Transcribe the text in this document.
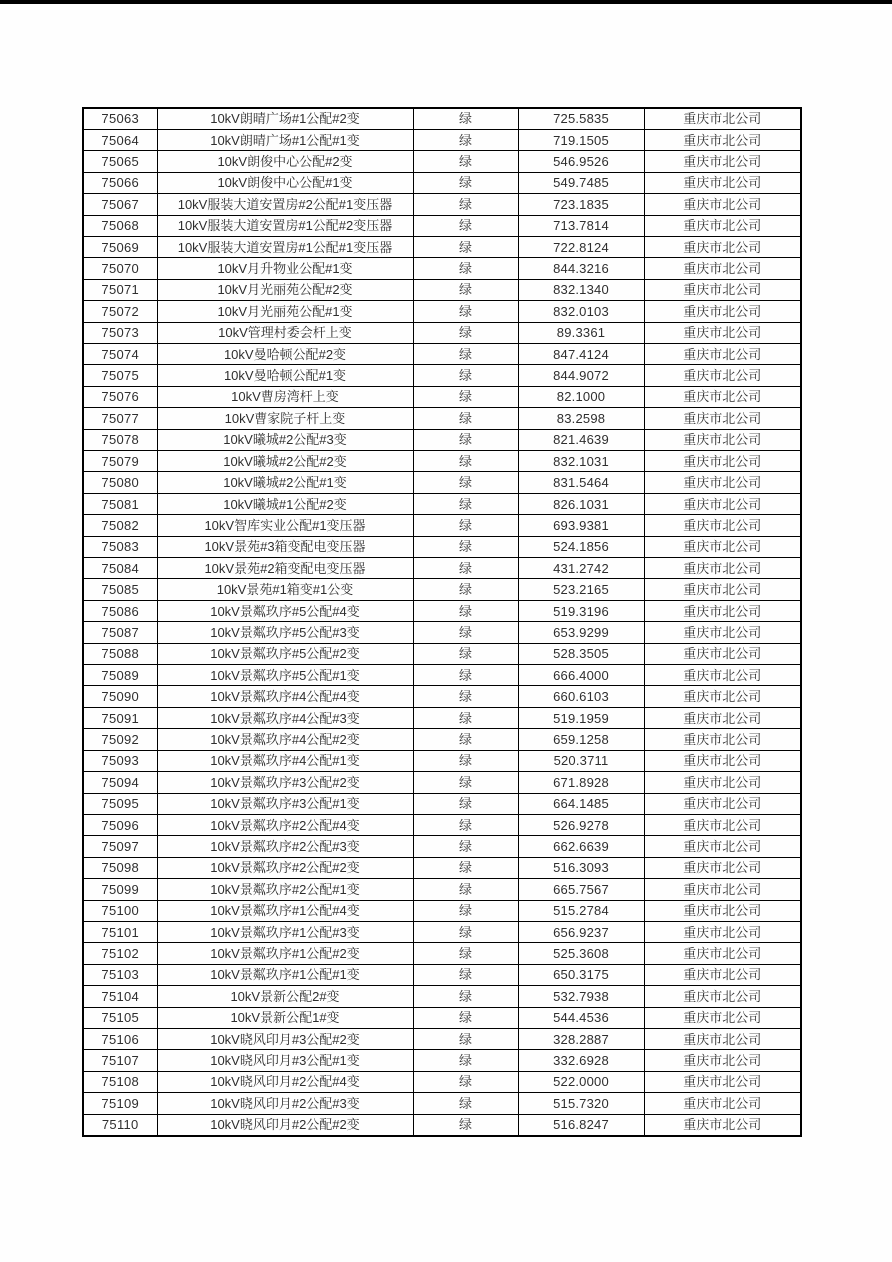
75063	10kV朗晴广场#1公配#2变	绿	725.5835	重庆市北公司
75064	10kV朗晴广场#1公配#1变	绿	719.1505	重庆市北公司
75065	10kV朗俊中心公配#2变	绿	546.9526	重庆市北公司
75066	10kV朗俊中心公配#1变	绿	549.7485	重庆市北公司
75067	10kV服装大道安置房#2公配#1变压器	绿	723.1835	重庆市北公司
75068	10kV服装大道安置房#1公配#2变压器	绿	713.7814	重庆市北公司
75069	10kV服装大道安置房#1公配#1变压器	绿	722.8124	重庆市北公司
75070	10kV月升物业公配#1变	绿	844.3216	重庆市北公司
75071	10kV月光丽苑公配#2变	绿	832.1340	重庆市北公司
75072	10kV月光丽苑公配#1变	绿	832.0103	重庆市北公司
75073	10kV管理村委会杆上变	绿	89.3361	重庆市北公司
75074	10kV曼哈顿公配#2变	绿	847.4124	重庆市北公司
75075	10kV曼哈顿公配#1变	绿	844.9072	重庆市北公司
75076	10kV曹房湾杆上变	绿	82.1000	重庆市北公司
75077	10kV曹家院子杆上变	绿	83.2598	重庆市北公司
75078	10kV曦城#2公配#3变	绿	821.4639	重庆市北公司
75079	10kV曦城#2公配#2变	绿	832.1031	重庆市北公司
75080	10kV曦城#2公配#1变	绿	831.5464	重庆市北公司
75081	10kV曦城#1公配#2变	绿	826.1031	重庆市北公司
75082	10kV智库实业公配#1变压器	绿	693.9381	重庆市北公司
75083	10kV景苑#3箱变配电变压器	绿	524.1856	重庆市北公司
75084	10kV景苑#2箱变配电变压器	绿	431.2742	重庆市北公司
75085	10kV景苑#1箱变#1公变	绿	523.2165	重庆市北公司
75086	10kV景粼玖序#5公配#4变	绿	519.3196	重庆市北公司
75087	10kV景粼玖序#5公配#3变	绿	653.9299	重庆市北公司
75088	10kV景粼玖序#5公配#2变	绿	528.3505	重庆市北公司
75089	10kV景粼玖序#5公配#1变	绿	666.4000	重庆市北公司
75090	10kV景粼玖序#4公配#4变	绿	660.6103	重庆市北公司
75091	10kV景粼玖序#4公配#3变	绿	519.1959	重庆市北公司
75092	10kV景粼玖序#4公配#2变	绿	659.1258	重庆市北公司
75093	10kV景粼玖序#4公配#1变	绿	520.3711	重庆市北公司
75094	10kV景粼玖序#3公配#2变	绿	671.8928	重庆市北公司
75095	10kV景粼玖序#3公配#1变	绿	664.1485	重庆市北公司
75096	10kV景粼玖序#2公配#4变	绿	526.9278	重庆市北公司
75097	10kV景粼玖序#2公配#3变	绿	662.6639	重庆市北公司
75098	10kV景粼玖序#2公配#2变	绿	516.3093	重庆市北公司
75099	10kV景粼玖序#2公配#1变	绿	665.7567	重庆市北公司
75100	10kV景粼玖序#1公配#4变	绿	515.2784	重庆市北公司
75101	10kV景粼玖序#1公配#3变	绿	656.9237	重庆市北公司
75102	10kV景粼玖序#1公配#2变	绿	525.3608	重庆市北公司
75103	10kV景粼玖序#1公配#1变	绿	650.3175	重庆市北公司
75104	10kV景新公配2#变	绿	532.7938	重庆市北公司
75105	10kV景新公配1#变	绿	544.4536	重庆市北公司
75106	10kV晓风印月#3公配#2变	绿	328.2887	重庆市北公司
75107	10kV晓风印月#3公配#1变	绿	332.6928	重庆市北公司
75108	10kV晓风印月#2公配#4变	绿	522.0000	重庆市北公司
75109	10kV晓风印月#2公配#3变	绿	515.7320	重庆市北公司
75110	10kV晓风印月#2公配#2变	绿	516.8247	重庆市北公司
